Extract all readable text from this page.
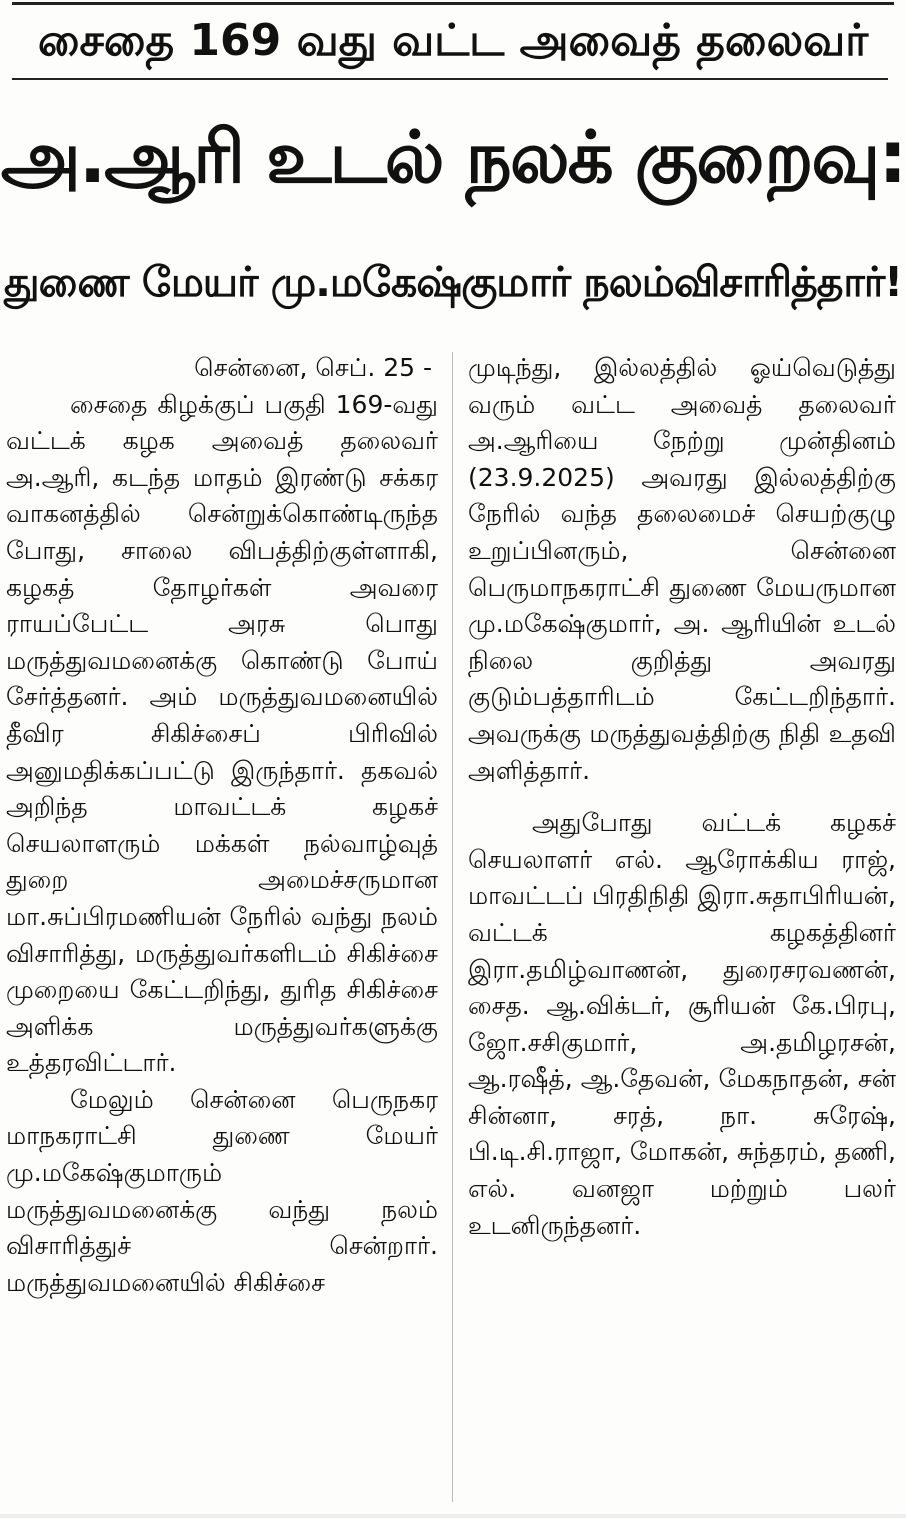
சைதை 169 வது வட்ட அவைத் தலைவர்
அ.ஆரி உடல் நலக் குறைவு:
துணை மேயர் மு.மகேஷ்குமார் நலம்விசாரித்தார்!

சென்னை, செப். 25 -

சைதை கிழக்குப் பகுதி 169-வது வட்டக் கழக அவைத் தலைவர் அ.ஆரி, கடந்த மாதம் இரண்டு சக்கர வாகனத்தில் சென்றுக்கொண்டிருந்த போது, சாலை விபத்திற்குள்ளாகி, கழகத் தோழர்கள் அவரை ராயப்பேட்ட அரசு பொது மருத்துவமனைக்கு கொண்டு போய் சேர்த்தனர். அம் மருத்துவமனையில் தீவிர சிகிச்சைப் பிரிவில் அனுமதிக்கப்பட்டு இருந்தார். தகவல் அறிந்த மாவட்டக் கழகச் செயலாளரும் மக்கள் நல்வாழ்வுத் துறை அமைச்சருமான மா.சுப்பிரமணியன் நேரில் வந்து நலம் விசாரித்து, மருத்துவர்களிடம் சிகிச்சை முறையை கேட்டறிந்து, துரித சிகிச்சை அளிக்க மருத்துவர்களுக்கு உத்தரவிட்டார்.

மேலும் சென்னை பெருநகர மாநகராட்சி துணை மேயர் மு.மகேஷ்குமாரும் மருத்துவமனைக்கு வந்து நலம் விசாரித்துச் சென்றார். மருத்துவமனையில் சிகிச்சை

முடிந்து, இல்லத்தில் ஓய்வெடுத்து வரும் வட்ட அவைத் தலைவர் அ.ஆரியை நேற்று முன்தினம் (23.9.2025) அவரது இல்லத்திற்கு நேரில் வந்த தலைமைச் செயற்குழு உறுப்பினரும், சென்னை பெருமாநகராட்சி துணை மேயருமான மு.மகேஷ்குமார், அ. ஆரியின் உடல் நிலை குறித்து அவரது குடும்பத்தாரிடம் கேட்டறிந்தார். அவருக்கு மருத்துவத்திற்கு நிதி உதவி அளித்தார்.

அதுபோது வட்டக் கழகச் செயலாளர் எல். ஆரோக்கிய ராஜ், மாவட்டப் பிரதிநிதி இரா.சுதாபிரியன், வட்டக் கழகத்தினர் இரா.தமிழ்வாணன், துரைசரவணன், சைத. ஆ.விக்டர், சூரியன் கே.பிரபு, ஜோ.சசிகுமார், அ.தமிழரசன், ஆ.ரஷீத், ஆ.தேவன், மேகநாதன், சன் சின்னா, சரத், நா. சுரேஷ், பி.டி.சி.ராஜா, மோகன், சுந்தரம், தணி, எல். வனஜா மற்றும் பலர் உடனிருந்தனர்.
